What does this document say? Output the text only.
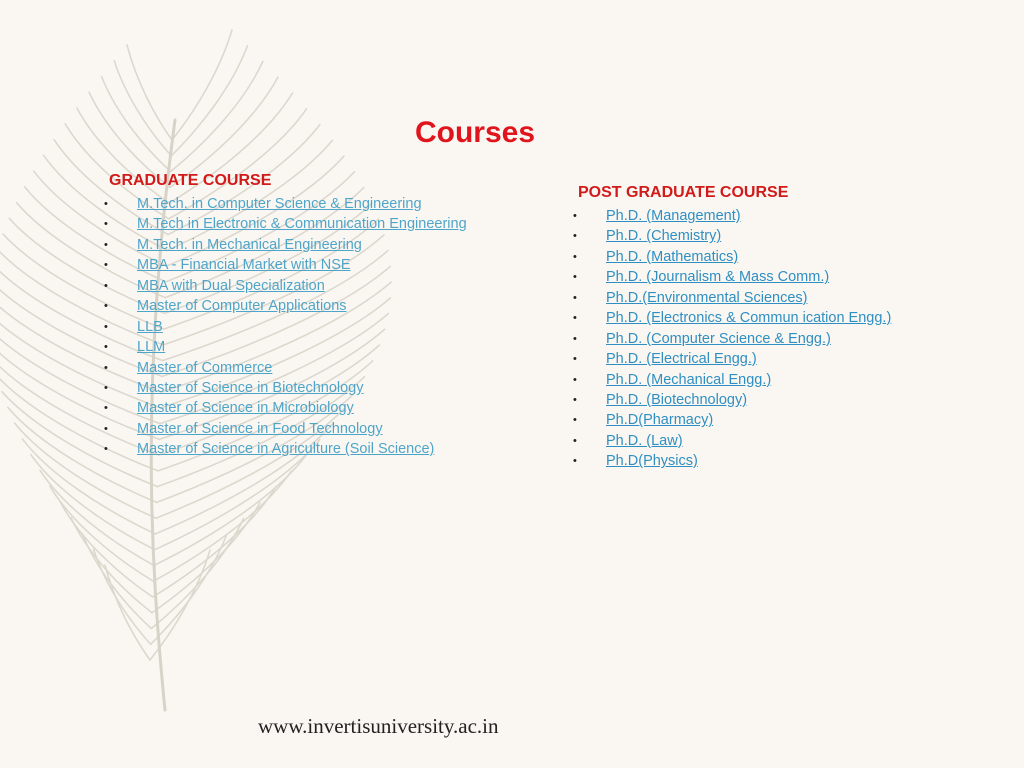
Courses
GRADUATE COURSE
• M.Tech. in Computer Science & Engineering
• M.Tech in Electronic & Communication Engineering
• M.Tech. in Mechanical Engineering
• MBA - Financial Market with NSE
• MBA with Dual Specialization
• Master of Computer Applications
• LLB
• LLM
• Master of Commerce
• Master of Science in Biotechnology
• Master of Science in Microbiology
• Master of Science in Food Technology
• Master of Science in Agriculture (Soil Science)
POST GRADUATE COURSE
• Ph.D. (Management)
• Ph.D. (Chemistry)
• Ph.D. (Mathematics)
• Ph.D. (Journalism & Mass Comm.)
• Ph.D.(Environmental Sciences)
• Ph.D. (Electronics & Commun ication Engg.)
• Ph.D. (Computer Science & Engg.)
• Ph.D. (Electrical Engg.)
• Ph.D. (Mechanical Engg.)
• Ph.D. (Biotechnology)
• Ph.D(Pharmacy)
• Ph.D. (Law)
• Ph.D(Physics)
www.invertisuniversity.ac.in
